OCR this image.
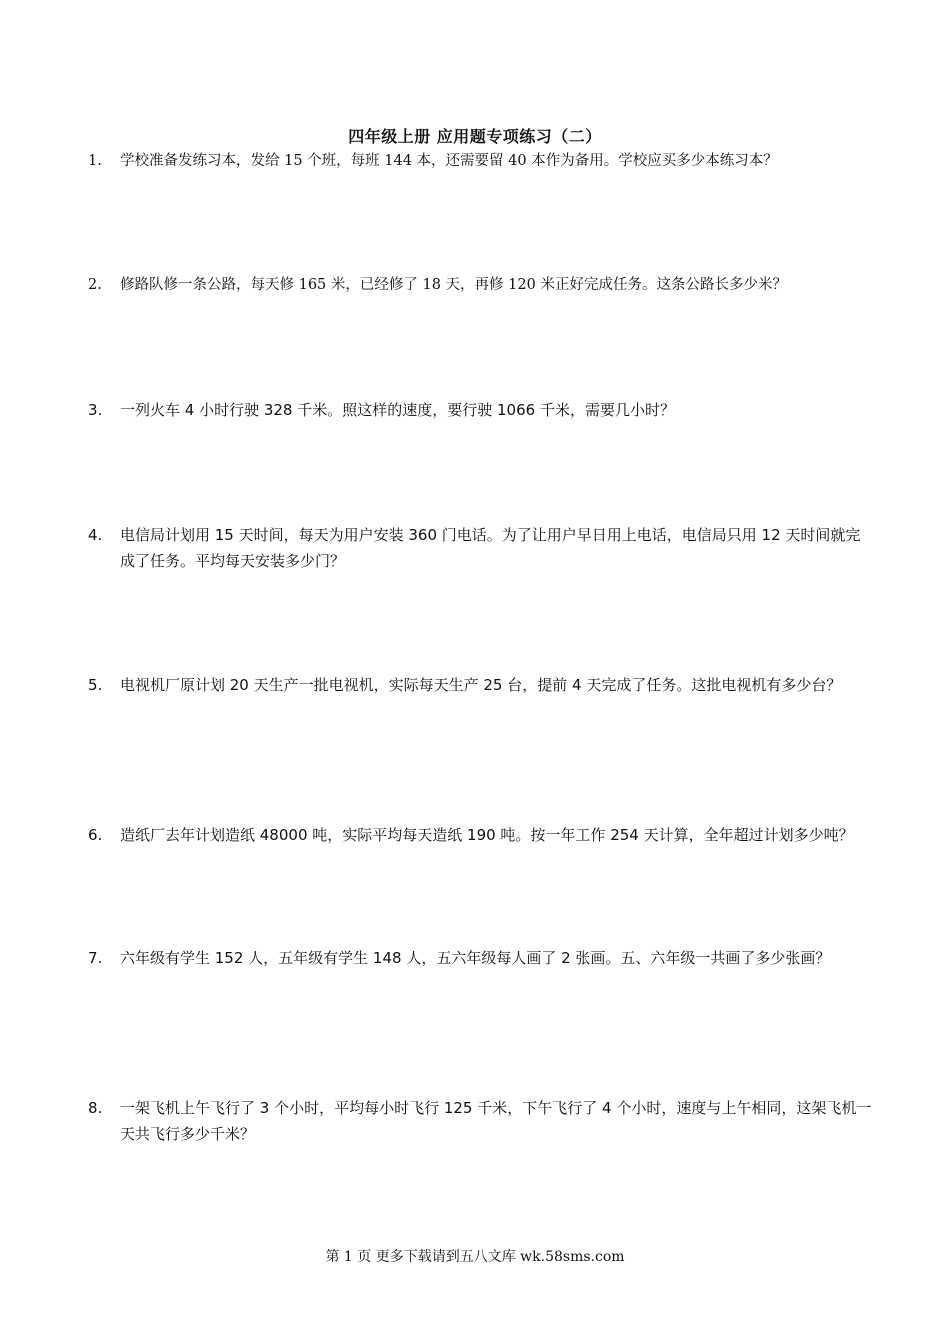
四年级上册 应用题专项练习（二）
1.	学校准备发练习本，发给 15 个班，每班 144 本，还需要留 40 本作为备用。学校应买多少本练习本？
2.	修路队修一条公路，每天修 165 米，已经修了 18 天，再修 120 米正好完成任务。这条公路长多少米？
3.	一列火车 4 小时行驶 328 千米。照这样的速度，要行驶 1066 千米，需要几小时？
4.	电信局计划用 15 天时间，每天为用户安装 360 门电话。为了让用户早日用上电话，电信局只用 12 天时间就完成了任务。平均每天安装多少门？
5.	电视机厂原计划 20 天生产一批电视机，实际每天生产 25 台，提前 4 天完成了任务。这批电视机有多少台？
6.	造纸厂去年计划造纸 48000 吨，实际平均每天造纸 190 吨。按一年工作 254 天计算，全年超过计划多少吨？
7.	六年级有学生 152 人，五年级有学生 148 人，五六年级每人画了 2 张画。五、六年级一共画了多少张画？
8.	一架飞机上午飞行了 3 个小时，平均每小时飞行 125 千米，下午飞行了 4 个小时，速度与上午相同，这架飞机一天共飞行多少千米？
第 1 页 更多下载请到五八文库 wk.58sms.com
